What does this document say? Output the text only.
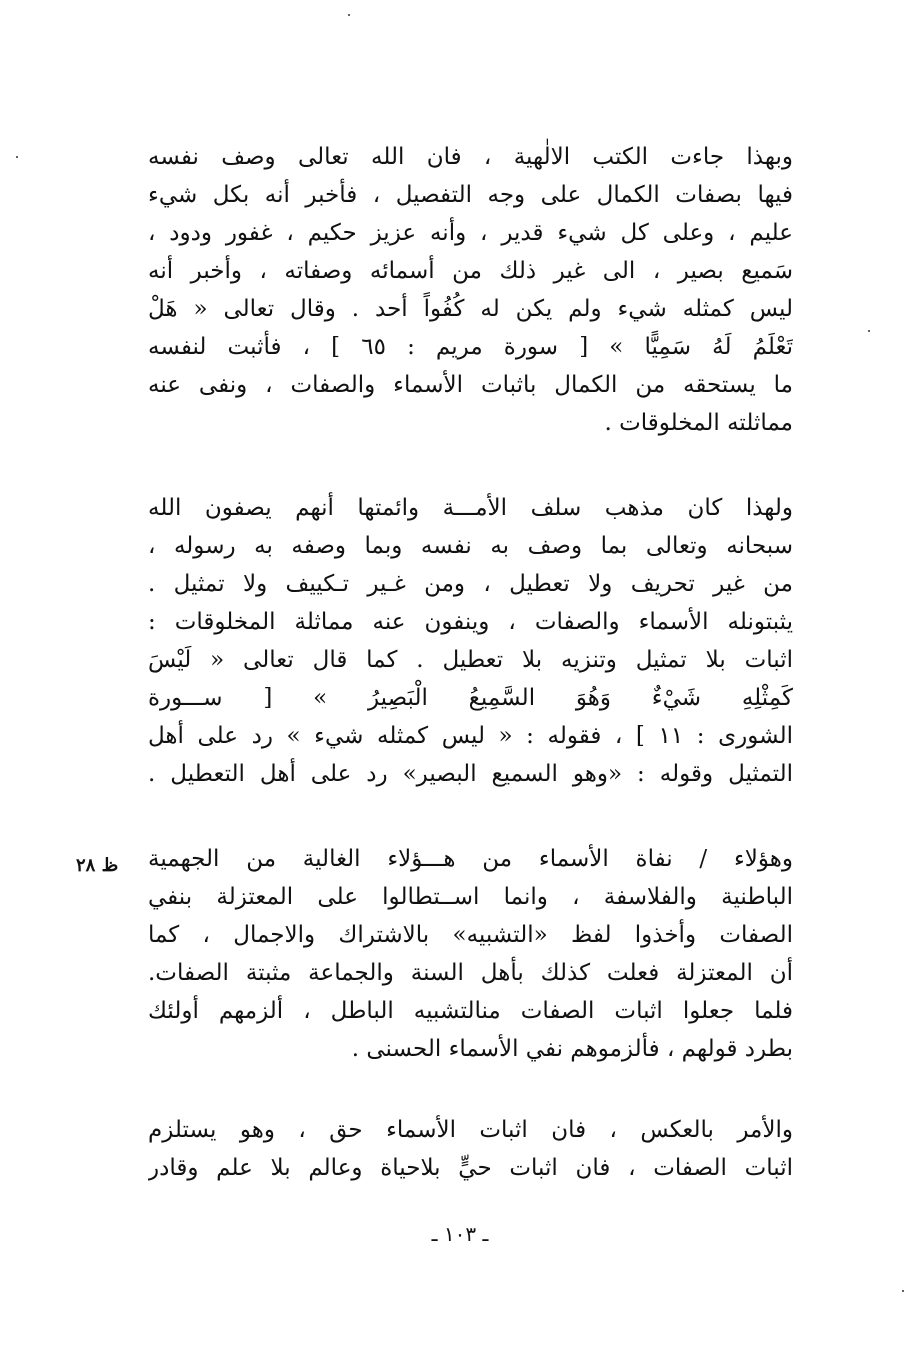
وبهذا جاءت الكتب الالٰهية ، فان الله تعالى وصف نفسه
فيها بصفات الكمال على وجه التفصيل ، فأخبر أنه بكل شيء
عليم ، وعلى كل شيء قدير ، وأنه عزيز حكيم ، غفور ودود ،
سَميع بصير ، الى غير ذلك من أسمائه وصفاته ، وأخبر أنه
ليس كمثله شيء ولم يكن له كُفُواً أحد . وقال تعالى « هَلْ
تَعْلَمُ لَهُ سَمِيًّا » [ سورة مريم : ٦٥ ] ، فأثبت لنفسه
ما يستحقه من الكمال باثبات الأسماء والصفات ، ونفى عنه
مماثلته المخلوقات .
ولهذا كان مذهب سلف الأمـــة وائمتها أنهم يصفون الله
سبحانه وتعالى بما وصف به نفسه وبما وصفه به رسوله ،
من غير تحريف ولا تعطيل ، ومن غـير تـكييف ولا تمثيل .
يثبتونله الأسماء والصفات ، وينفون عنه مماثلة المخلوقات :
اثبات بلا تمثيل وتنزيه بلا تعطيل . كما قال تعالى « لَيْسَ
كَمِثْلِهِ شَيْءٌ وَهُوَ السَّمِيعُ الْبَصِيرُ » [ ســـورة
الشورى : ١١ ] ، فقوله : « ليس كمثله شيء » رد على أهل
التمثيل وقوله : «وهو السميع البصير» رد على أهل التعطيل .
ظ ٢٨ وهؤلاء / نفاة الأسماء من هـــؤلاء الغالية من الجهمية
الباطنية والفلاسفة ، وانما اســتطالوا على المعتزلة بنفي
الصفات وأخذوا لفظ «التشبيه» بالاشتراك والاجمال ، كما
أن المعتزلة فعلت كذلك بأهل السنة والجماعة مثبتة الصفات.
فلما جعلوا اثبات الصفات منالتشبيه الباطل ، ألزمهم أولئك
بطرد قولهم ، فألزموهم نفي الأسماء الحسنى .
والأمر بالعكس ، فان اثبات الأسماء حق ، وهو يستلزم
اثبات الصفات ، فان اثبات حيٍّ بلاحياة وعالم بلا علم وقادر
ـ ١٠٣ ـ
